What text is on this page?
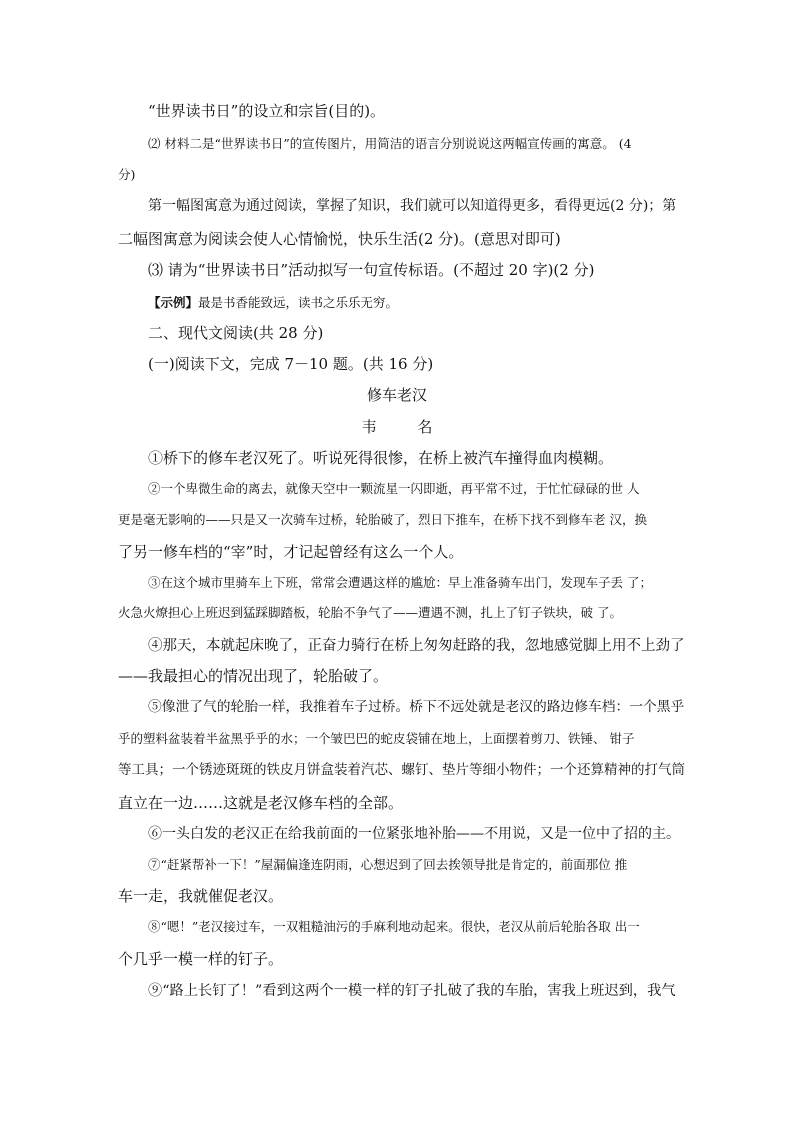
“世界读书日”的设立和宗旨(目的)。
⑵ 材料二是“世界读书日”的宣传图片，用简洁的语言分别说说这两幅宣传画的寓意。 (4
分)
第一幅图寓意为通过阅读，掌握了知识，我们就可以知道得更多，看得更远(2 分)；第
二幅图寓意为阅读会使人心情愉悦，快乐生活(2 分)。(意思对即可)
⑶ 请为“世界读书日”活动拟写一句宣传标语。(不超过 20 字)(2 分)
【示例】最是书香能致远，读书之乐乐无穷。
二、现代文阅读(共 28 分)
(一)阅读下文，完成 7－10 题。(共 16 分)
修车老汉
韦 名
①桥下的修车老汉死了。听说死得很惨，在桥上被汽车撞得血肉模糊。
②一个卑微生命的离去，就像天空中一颗流星一闪即逝，再平常不过，于忙忙碌碌的世 人
更是毫无影响的——只是又一次骑车过桥，轮胎破了，烈日下推车，在桥下找不到修车老 汉，换
了另一修车档的“宰”时，才记起曾经有这么一个人。
③在这个城市里骑车上下班，常常会遭遇这样的尴尬：早上准备骑车出门，发现车子丢 了；
火急火燎担心上班迟到猛踩脚踏板，轮胎不争气了——遭遇不测，扎上了钉子铁块，破 了。
④那天，本就起床晚了，正奋力骑行在桥上匆匆赶路的我，忽地感觉脚上用不上劲了
——我最担心的情况出现了，轮胎破了。
⑤像泄了气的轮胎一样，我推着车子过桥。桥下不远处就是老汉的路边修车档：一个黑乎
乎的塑料盆装着半盆黑乎乎的水；一个皱巴巴的蛇皮袋铺在地上，上面摆着剪刀、铁锤、 钳子
等工具；一个锈迹斑斑的铁皮月饼盒装着汽芯、螺钉、垫片等细小物件；一个还算精神的打气筒
直立在一边……这就是老汉修车档的全部。
⑥一头白发的老汉正在给我前面的一位紧张地补胎——不用说，又是一位中了招的主。
⑦“赶紧帮补一下！”屋漏偏逢连阴雨，心想迟到了回去挨领导批是肯定的，前面那位 推
车一走，我就催促老汉。
⑧“嗯！”老汉接过车，一双粗糙油污的手麻利地动起来。很快，老汉从前后轮胎各取 出一
个几乎一模一样的钉子。
⑨“路上长钉了！”看到这两个一模一样的钉子扎破了我的车胎，害我上班迟到，我气
